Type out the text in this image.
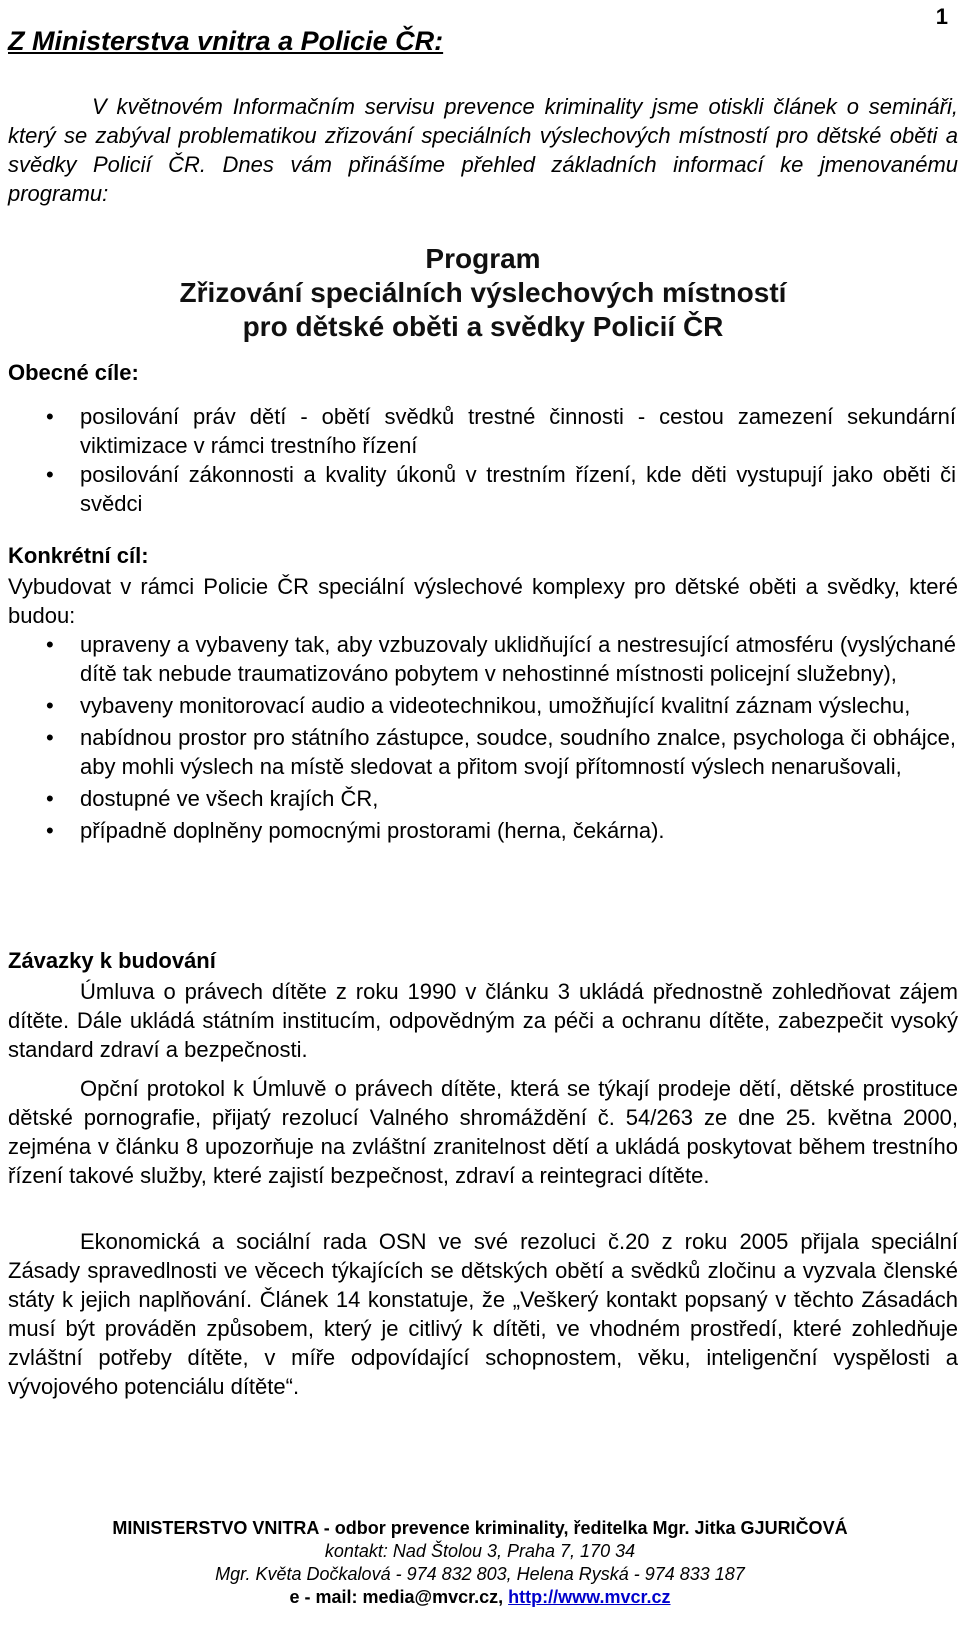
1
Z Ministerstva vnitra a Policie ČR:
V květnovém Informačním servisu prevence kriminality jsme otiskli článek o semináři, který se zabýval problematikou zřizování speciálních výslechových místností pro dětské oběti a svědky Policií ČR. Dnes vám přinášíme přehled základních informací ke jmenovanému programu:
Program
Zřizování speciálních výslechových místností
pro dětské oběti a svědky Policií ČR
Obecné cíle:
• posilování práv dětí - obětí svědků trestné činnosti - cestou zamezení sekundární viktimizace v rámci trestního řízení
• posilování zákonnosti a kvality úkonů v trestním řízení, kde děti vystupují jako oběti či svědci
Konkrétní cíl:
Vybudovat v rámci Policie ČR speciální výslechové komplexy pro dětské oběti a svědky, které budou:
• upraveny a vybaveny tak, aby vzbuzovaly uklidňující a nestresující atmosféru (vyslýchané dítě tak nebude traumatizováno pobytem v nehostinné místnosti policejní služebny),
• vybaveny monitorovací audio a videotechnikou, umožňující kvalitní záznam výslechu,
• nabídnou prostor pro státního zástupce, soudce, soudního znalce, psychologa či obhájce, aby mohli výslech na místě sledovat a přitom svojí přítomností výslech nenarušovali,
• dostupné ve všech krajích ČR,
• případně doplněny pomocnými prostorami (herna, čekárna).
Závazky k budování
Úmluva o právech dítěte z roku 1990 v článku 3 ukládá přednostně zohledňovat zájem dítěte. Dále ukládá státním institucím, odpovědným za péči a ochranu dítěte, zabezpečit vysoký standard zdraví a bezpečnosti.
Opční protokol k Úmluvě o právech dítěte, která se týkají prodeje dětí, dětské prostituce dětské pornografie, přijatý rezolucí Valného shromáždění č. 54/263 ze dne 25. května 2000, zejména v článku 8 upozorňuje na zvláštní zranitelnost dětí a ukládá poskytovat během trestního řízení takové služby, které zajistí bezpečnost, zdraví a reintegraci dítěte.
Ekonomická a sociální rada OSN ve své rezoluci č.20 z roku 2005 přijala speciální Zásady spravedlnosti ve věcech týkajících se dětských obětí a svědků zločinu a vyzvala členské státy k jejich naplňování. Článek 14 konstatuje, že „Veškerý kontakt popsaný v těchto Zásadách musí být prováděn způsobem, který je citlivý k dítěti, ve vhodném prostředí, které zohledňuje zvláštní potřeby dítěte, v míře odpovídající schopnostem, věku, inteligenční vyspělosti a vývojového potenciálu dítěte“.
MINISTERSTVO VNITRA - odbor prevence kriminality, ředitelka Mgr. Jitka GJURIČOVÁ
kontakt: Nad Štolou 3, Praha 7, 170 34
Mgr. Květa Dočkalová - 974 832 803, Helena Ryská - 974 833 187
e - mail: media@mvcr.cz, http://www.mvcr.cz
